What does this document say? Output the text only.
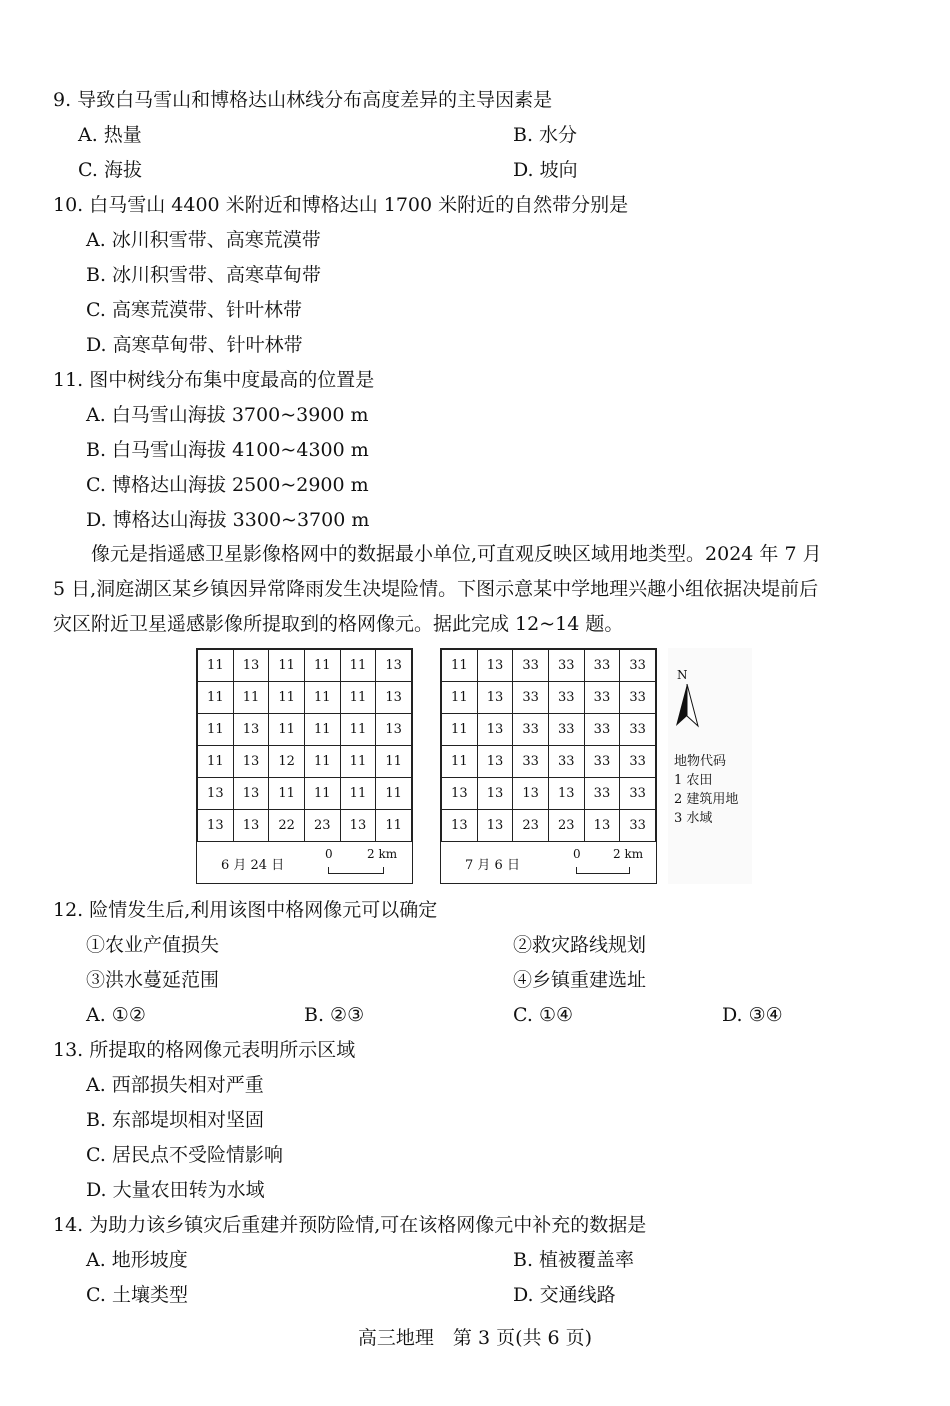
9. 导致白马雪山和博格达山林线分布高度差异的主导因素是
A. 热量	B. 水分
C. 海拔	D. 坡向
10. 白马雪山 4400 米附近和博格达山 1700 米附近的自然带分别是
A. 冰川积雪带、高寒荒漠带
B. 冰川积雪带、高寒草甸带
C. 高寒荒漠带、针叶林带
D. 高寒草甸带、针叶林带
11. 图中树线分布集中度最高的位置是
A. 白马雪山海拔 3700~3900 m
B. 白马雪山海拔 4100~4300 m
C. 博格达山海拔 2500~2900 m
D. 博格达山海拔 3300~3700 m
像元是指遥感卫星影像格网中的数据最小单位,可直观反映区域用地类型。2024 年 7 月
5 日,洞庭湖区某乡镇因异常降雨发生决堤险情。下图示意某中学地理兴趣小组依据决堤前后
灾区附近卫星遥感影像所提取到的格网像元。据此完成 12~14 题。
11	13	11	11	11	13
11	11	11	11	11	13
11	13	11	11	11	13
11	13	12	11	11	11
13	13	11	11	11	11
13	13	22	23	13	11
6 月 24 日
0	2 km
11	13	33	33	33	33
11	13	33	33	33	33
11	13	33	33	33	33
11	13	33	33	33	33
13	13	13	13	33	33
13	13	23	23	13	33
7 月 6 日
0	2 km
N
地物代码
1 农田
2 建筑用地
3 水域
12. 险情发生后,利用该图中格网像元可以确定
①农业产值损失	②救灾路线规划
③洪水蔓延范围	④乡镇重建选址
A. ①②	B. ②③	C. ①④	D. ③④
13. 所提取的格网像元表明所示区域
A. 西部损失相对严重
B. 东部堤坝相对坚固
C. 居民点不受险情影响
D. 大量农田转为水域
14. 为助力该乡镇灾后重建并预防险情,可在该格网像元中补充的数据是
A. 地形坡度	B. 植被覆盖率
C. 土壤类型	D. 交通线路
高三地理　第 3 页(共 6 页)
